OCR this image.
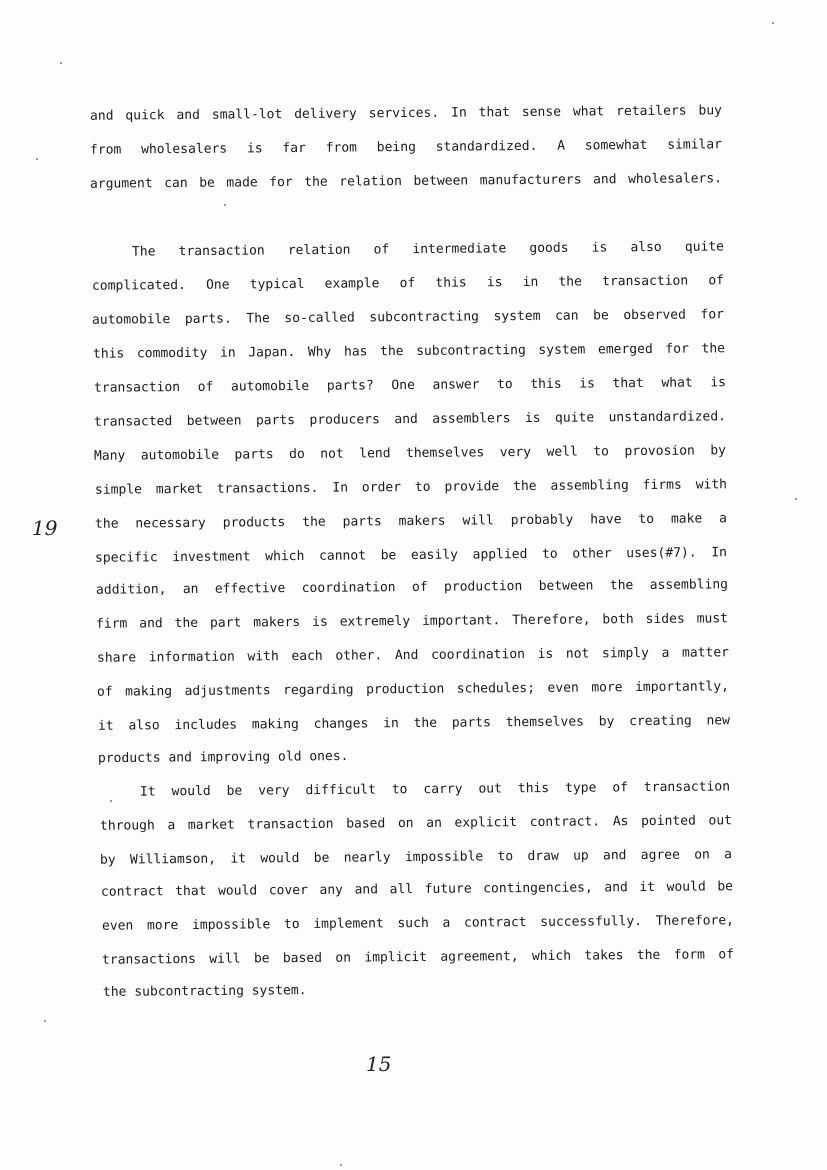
and quick and small-lot delivery services. In that sense what retailers buy
from wholesalers is far from being standardized. A somewhat similar
argument can be made for the relation between manufacturers and wholesalers.
The transaction relation of intermediate goods is also quite
complicated. One typical example of this is in the transaction of
automobile parts. The so-called subcontracting system can be observed for
this commodity in Japan. Why has the subcontracting system emerged for the
transaction of automobile parts? One answer to this is that what is
transacted between parts producers and assemblers is quite unstandardized.
Many automobile parts do not lend themselves very well to provosion by
simple market transactions. In order to provide the assembling firms with
the necessary products the parts makers will probably have to make a
specific investment which cannot be easily applied to other uses(#7). In
addition, an effective coordination of production between the assembling
firm and the part makers is extremely important. Therefore, both sides must
share information with each other. And coordination is not simply a matter
of making adjustments regarding production schedules; even more importantly,
it also includes making changes in the parts themselves by creating new
products and improving old ones.
It would be very difficult to carry out this type of transaction
through a market transaction based on an explicit contract. As pointed out
by Williamson, it would be nearly impossible to draw up and agree on a
contract that would cover any and all future contingencies, and it would be
even more impossible to implement such a contract successfully. Therefore,
transactions will be based on implicit agreement, which takes the form of
the subcontracting system.
19
15
